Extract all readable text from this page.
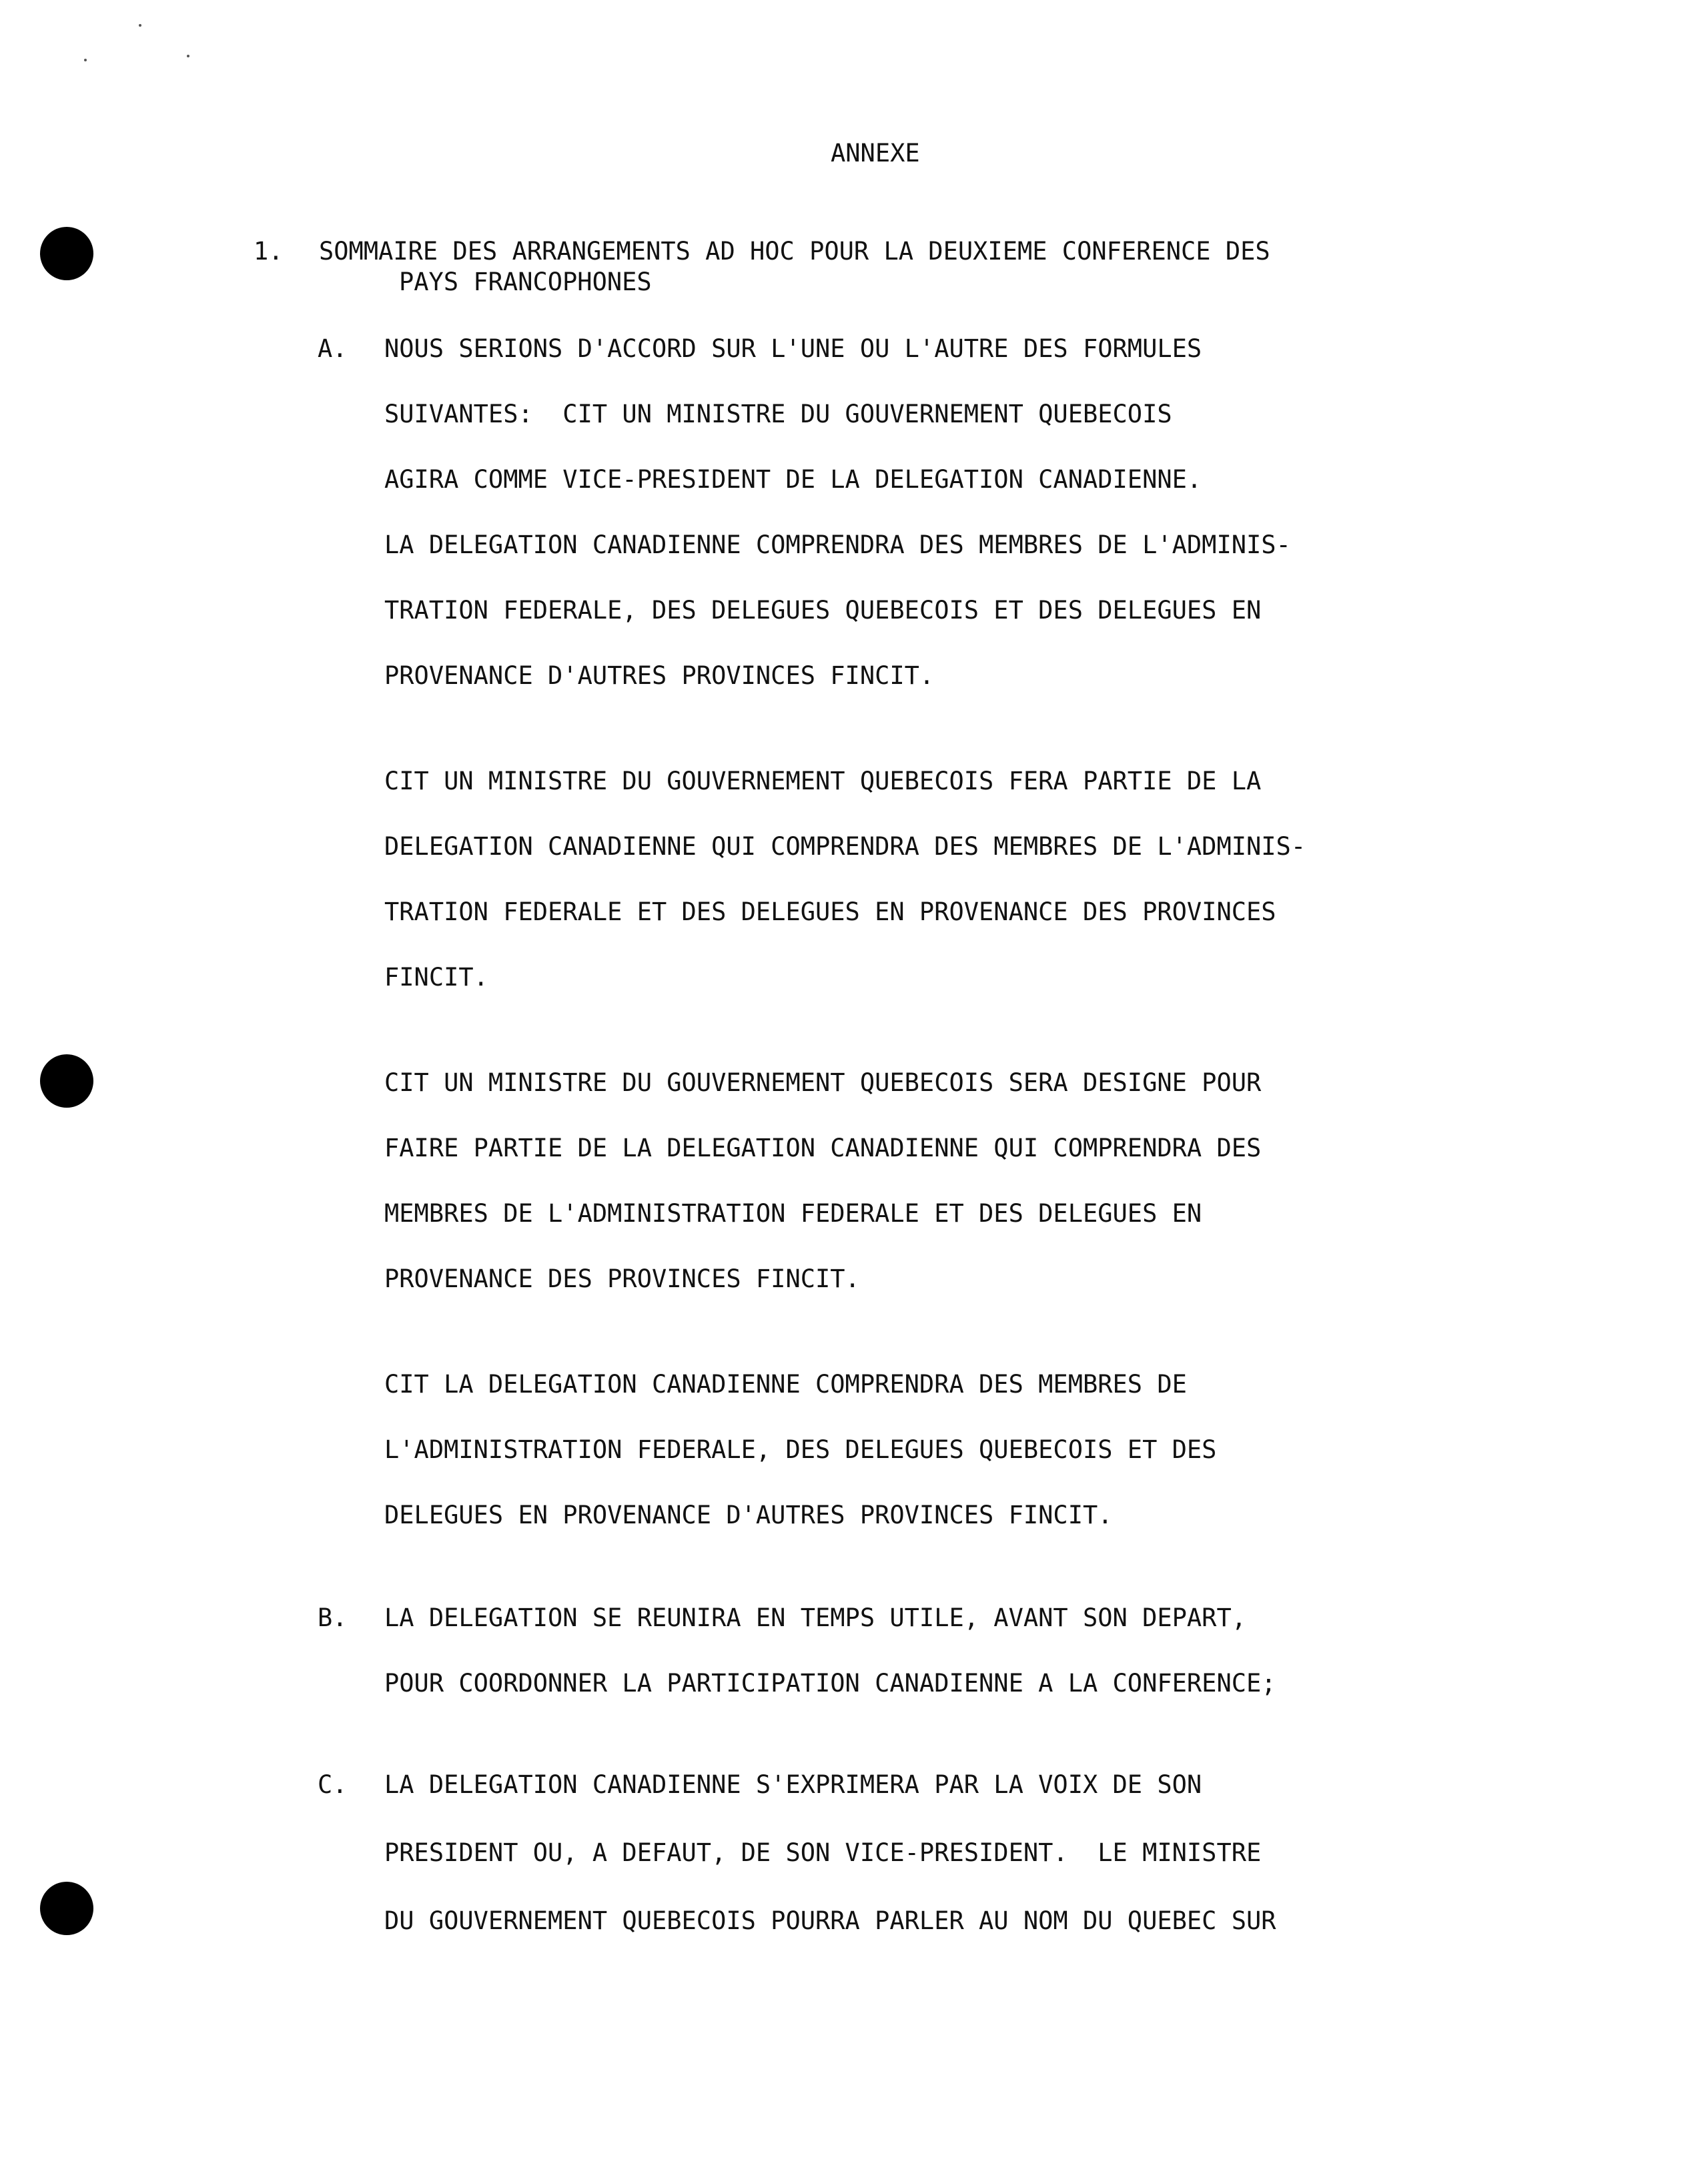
ANNEXE
1. SOMMAIRE DES ARRANGEMENTS AD HOC POUR LA DEUXIEME CONFERENCE DES
PAYS FRANCOPHONES
A. NOUS SERIONS D'ACCORD SUR L'UNE OU L'AUTRE DES FORMULES
SUIVANTES:  CIT UN MINISTRE DU GOUVERNEMENT QUEBECOIS
AGIRA COMME VICE-PRESIDENT DE LA DELEGATION CANADIENNE.
LA DELEGATION CANADIENNE COMPRENDRA DES MEMBRES DE L'ADMINIS-
TRATION FEDERALE, DES DELEGUES QUEBECOIS ET DES DELEGUES EN
PROVENANCE D'AUTRES PROVINCES FINCIT.
CIT UN MINISTRE DU GOUVERNEMENT QUEBECOIS FERA PARTIE DE LA
DELEGATION CANADIENNE QUI COMPRENDRA DES MEMBRES DE L'ADMINIS-
TRATION FEDERALE ET DES DELEGUES EN PROVENANCE DES PROVINCES
FINCIT.
CIT UN MINISTRE DU GOUVERNEMENT QUEBECOIS SERA DESIGNE POUR
FAIRE PARTIE DE LA DELEGATION CANADIENNE QUI COMPRENDRA DES
MEMBRES DE L'ADMINISTRATION FEDERALE ET DES DELEGUES EN
PROVENANCE DES PROVINCES FINCIT.
CIT LA DELEGATION CANADIENNE COMPRENDRA DES MEMBRES DE
L'ADMINISTRATION FEDERALE, DES DELEGUES QUEBECOIS ET DES
DELEGUES EN PROVENANCE D'AUTRES PROVINCES FINCIT.
B. LA DELEGATION SE REUNIRA EN TEMPS UTILE, AVANT SON DEPART,
POUR COORDONNER LA PARTICIPATION CANADIENNE A LA CONFERENCE;
C. LA DELEGATION CANADIENNE S'EXPRIMERA PAR LA VOIX DE SON
PRESIDENT OU, A DEFAUT, DE SON VICE-PRESIDENT.  LE MINISTRE
DU GOUVERNEMENT QUEBECOIS POURRA PARLER AU NOM DU QUEBEC SUR
